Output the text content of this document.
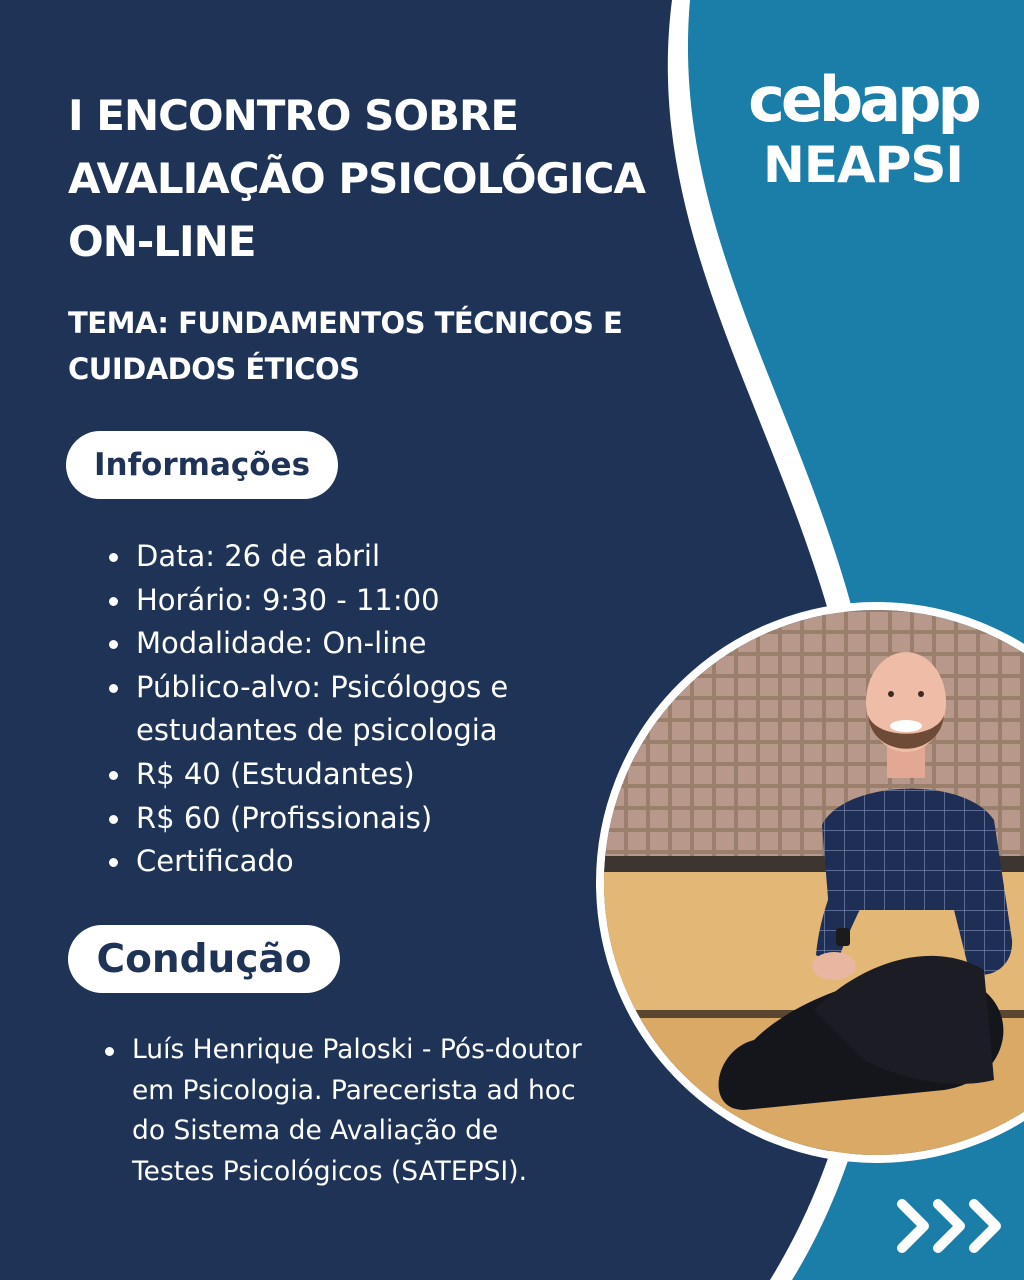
I ENCONTRO SOBRE
AVALIAÇÃO PSICOLÓGICA
ON-LINE
TEMA: FUNDAMENTOS TÉCNICOS E
CUIDADOS ÉTICOS
cebapp
NEAPSI
Informações
Data: 26 de abril
Horário: 9:30 - 11:00
Modalidade: On-line
Público-alvo: Psicólogos e estudantes de psicologia
R$ 40 (Estudantes)
R$ 60 (Profissionais)
Certificado
Condução
Luís Henrique Paloski - Pós-doutor em Psicologia. Parecerista ad hoc do Sistema de Avaliação de Testes Psicológicos (SATEPSI).
